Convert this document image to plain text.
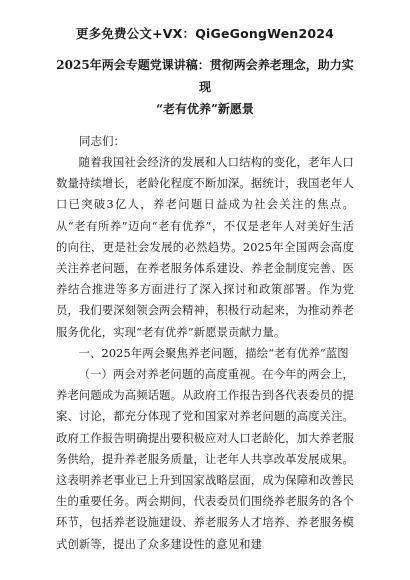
更多免费公文+VX：QiGeGongWen2024
2025年两会专题党课讲稿：贯彻两会养老理念，助力实现
“老有优养”新愿景
同志们：

随着我国社会经济的发展和人口结构的变化，老年人口数量持续增长，老龄化程度不断加深。据统计，我国老年人口已突破3亿人，养老问题日益成为社会关注的焦点。从“老有所养”迈向“老有优养”，不仅是老年人对美好生活的向往，更是社会发展的必然趋势。2025年全国两会高度关注养老问题，在养老服务体系建设、养老金制度完善、医养结合推进等多方面进行了深入探讨和政策部署。作为党员，我们要深刻领会两会精神，积极行动起来，为推动养老服务优化，实现“老有优养”新愿景贡献力量。

一、2025年两会聚焦养老问题，描绘“老有优养”蓝图

（一）两会对养老问题的高度重视。在今年的两会上，养老问题成为高频话题。从政府工作报告到各代表委员的提案、讨论，都充分体现了党和国家对养老问题的高度关注。政府工作报告明确提出要积极应对人口老龄化，加大养老服务供给，提升养老服务质量，让老年人共享改革发展成果。这表明养老事业已上升到国家战略层面，成为保障和改善民生的重要任务。两会期间，代表委员们围绕养老服务的各个环节，包括养老设施建设、养老服务人才培养、养老服务模式创新等，提出了众多建设性的意见和建
